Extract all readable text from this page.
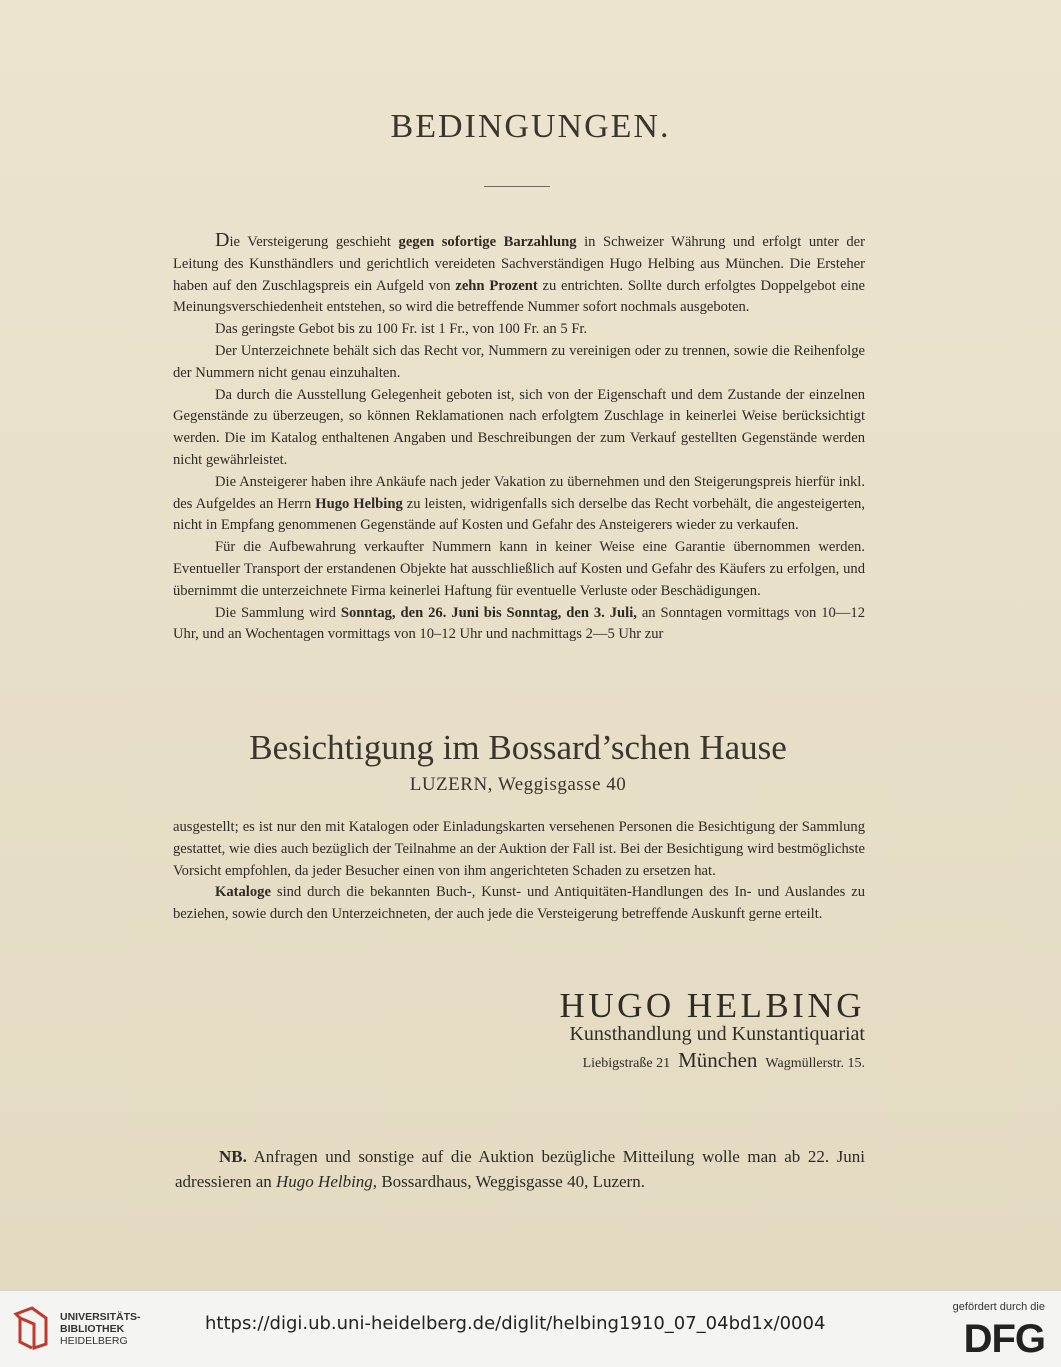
BEDINGUNGEN.

Die Versteigerung geschieht gegen sofortige Barzahlung in Schweizer Währung und erfolgt unter der Leitung des Kunsthändlers und gerichtlich vereideten Sachverständigen Hugo Helbing aus München. Die Ersteher haben auf den Zuschlagspreis ein Aufgeld von zehn Prozent zu entrichten. Sollte durch erfolgtes Doppelgebot eine Meinungsverschiedenheit entstehen, so wird die betreffende Nummer sofort nochmals ausgeboten.

Das geringste Gebot bis zu 100 Fr. ist 1 Fr., von 100 Fr. an 5 Fr.

Der Unterzeichnete behält sich das Recht vor, Nummern zu vereinigen oder zu trennen, sowie die Reihenfolge der Nummern nicht genau einzuhalten.

Da durch die Ausstellung Gelegenheit geboten ist, sich von der Eigenschaft und dem Zustande der einzelnen Gegenstände zu überzeugen, so können Reklamationen nach erfolgtem Zuschlage in keinerlei Weise berücksichtigt werden. Die im Katalog enthaltenen Angaben und Beschreibungen der zum Verkauf gestellten Gegenstände werden nicht gewährleistet.

Die Ansteigerer haben ihre Ankäufe nach jeder Vakation zu übernehmen und den Steigerungspreis hierfür inkl. des Aufgeldes an Herrn Hugo Helbing zu leisten, widrigenfalls sich derselbe das Recht vorbehält, die angesteigerten, nicht in Empfang genommenen Gegenstände auf Kosten und Gefahr des Ansteigerers wieder zu verkaufen.

Für die Aufbewahrung verkaufter Nummern kann in keiner Weise eine Garantie übernommen werden. Eventueller Transport der erstandenen Objekte hat ausschließlich auf Kosten und Gefahr des Käufers zu erfolgen, und übernimmt die unterzeichnete Firma keinerlei Haftung für eventuelle Verluste oder Beschädigungen.

Die Sammlung wird Sonntag, den 26. Juni bis Sonntag, den 3. Juli, an Sonntagen vormittags von 10—12 Uhr, und an Wochentagen vormittags von 10–12 Uhr und nachmittags 2—5 Uhr zur

Besichtigung im Bossard’schen Hause
LUZERN, Weggisgasse 40

ausgestellt; es ist nur den mit Katalogen oder Einladungskarten versehenen Personen die Besichtigung der Sammlung gestattet, wie dies auch bezüglich der Teilnahme an der Auktion der Fall ist. Bei der Besichtigung wird bestmöglichste Vorsicht empfohlen, da jeder Besucher einen von ihm angerichteten Schaden zu ersetzen hat.

Kataloge sind durch die bekannten Buch-, Kunst- und Antiquitäten-Handlungen des In- und Auslandes zu beziehen, sowie durch den Unterzeichneten, der auch jede die Versteigerung betreffende Auskunft gerne erteilt.

HUGO HELBING
Kunsthandlung und Kunstantiquariat
Liebigstraße 21 München Wagmüllerstr. 15.

NB. Anfragen und sonstige auf die Auktion bezügliche Mitteilung wolle man ab 22. Juni adressieren an Hugo Helbing, Bossardhaus, Weggisgasse 40, Luzern.

UNIVERSITÄTS-
BIBLIOTHEK
HEIDELBERG
https://digi.ub.uni-heidelberg.de/diglit/helbing1910_07_04bd1x/0004
gefördert durch die
DFG
